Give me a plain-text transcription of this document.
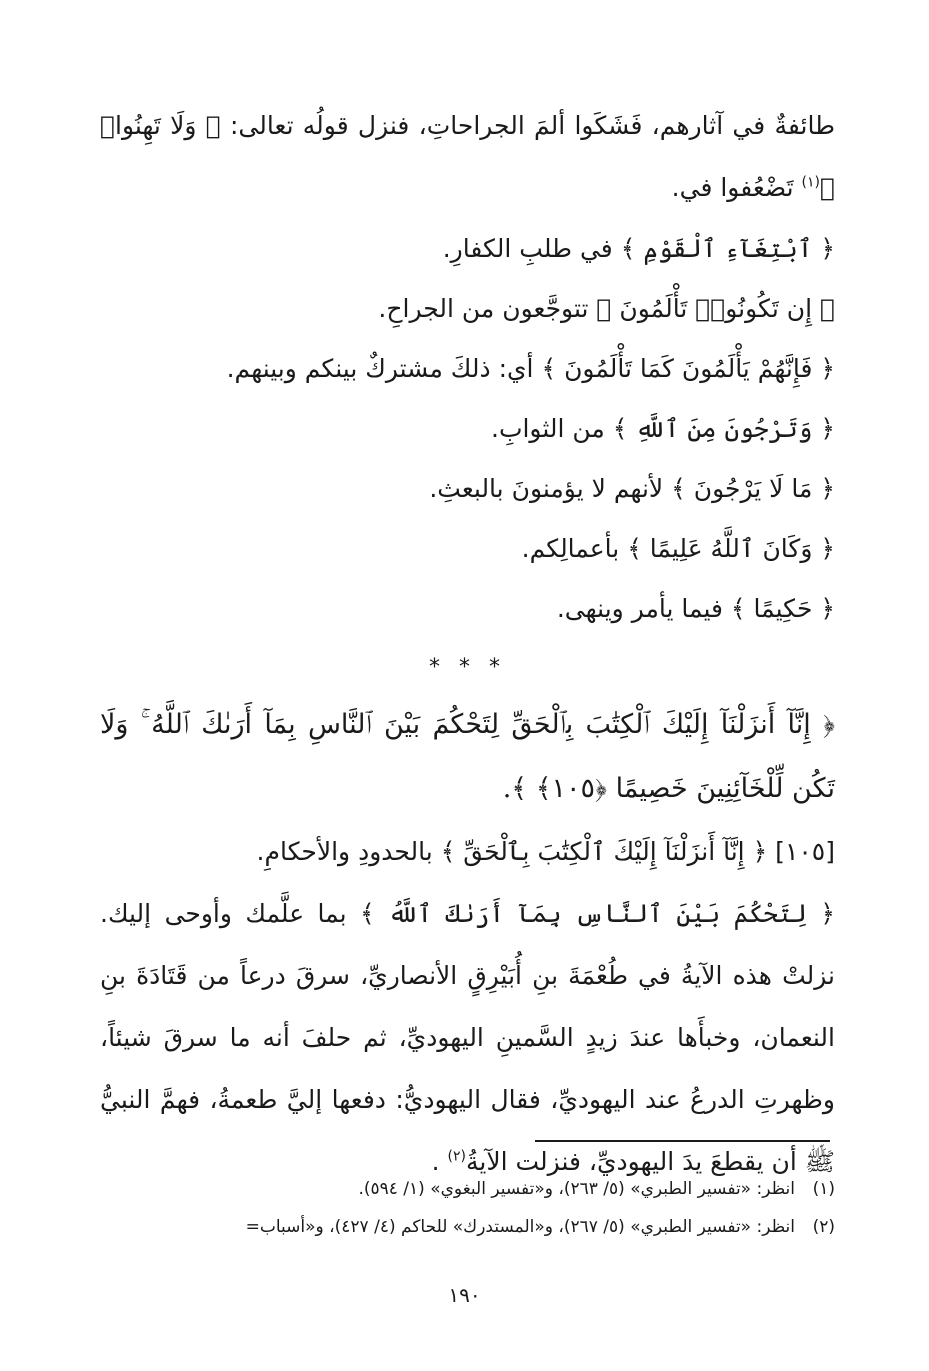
طائفةٌ في آثارهم، فَشَكَوا ألمَ الجراحاتِ، فنزل قولُه تعالى: ﴿ وَلَا تَهِنُوا۟ ﴾$^{(١)}$ تَضْعُفوا في.

﴿ ٱبْتِغَآءِ ٱلْقَوْمِ ﴾ في طلبِ الكفارِ.

﴿ إِن تَكُونُوا۟ تَأْلَمُونَ ﴾ تتوجَّعون من الجراحِ.

﴿ فَإِنَّهُمْ يَأْلَمُونَ كَمَا تَأْلَمُونَ ﴾ أي: ذلكَ مشتركٌ بينكم وبينهم.

﴿ وَتَرْجُونَ مِنَ ٱللَّهِ ﴾ من الثوابِ.

﴿ مَا لَا يَرْجُونَ ﴾ لأنهم لا يؤمنونَ بالبعثِ.

﴿ وَكَانَ ٱللَّهُ عَلِيمًا ﴾ بأعمالِكم.

﴿ حَكِيمًا ﴾ فيما يأمر وينهى.

* * *

﴿ إِنَّآ أَنزَلْنَآ إِلَيْكَ ٱلْكِتَٰبَ بِٱلْحَقِّ لِتَحْكُمَ بَيْنَ ٱلنَّاسِ بِمَآ أَرَىٰكَ ٱللَّهُ ۚ وَلَا تَكُن لِّلْخَآئِنِينَ خَصِيمًا ﴿١٠٥﴾ ﴾.

[١٠٥] ﴿ إِنَّآ أَنزَلْنَآ إِلَيْكَ ٱلْكِتَٰبَ بِٱلْحَقِّ ﴾ بالحدودِ والأحكامِ.

﴿ لِتَحْكُمَ بَيْنَ ٱلنَّاسِ بِمَآ أَرَىٰكَ ٱللَّهُ ﴾ بما علَّمك وأوحى إليك. نزلتْ هذه الآيةُ في طُعْمَةَ بنِ أُبَيْرِقٍ الأنصاريِّ، سرقَ درعاً من قَتَادَةَ بنِ النعمان، وخبأَها عندَ زيدٍ السَّمينِ اليهوديِّ، ثم حلفَ أنه ما سرقَ شيئاً، وظهرتِ الدرعُ عند اليهوديِّ، فقال اليهوديُّ: دفعها إليَّ طعمةُ، فهمَّ النبيُّ ﷺ أن يقطعَ يدَ اليهوديِّ، فنزلت الآيةُ$^{(٢)}$ .

(١)انظر: «تفسير الطبري» (٥/ ٢٦٣)، و«تفسير البغوي» (١/ ٥٩٤).
(٢)انظر: «تفسير الطبري» (٥/ ٢٦٧)، و«المستدرك» للحاكم (٤/ ٤٢٧)، و«أسباب=
١٩٠
